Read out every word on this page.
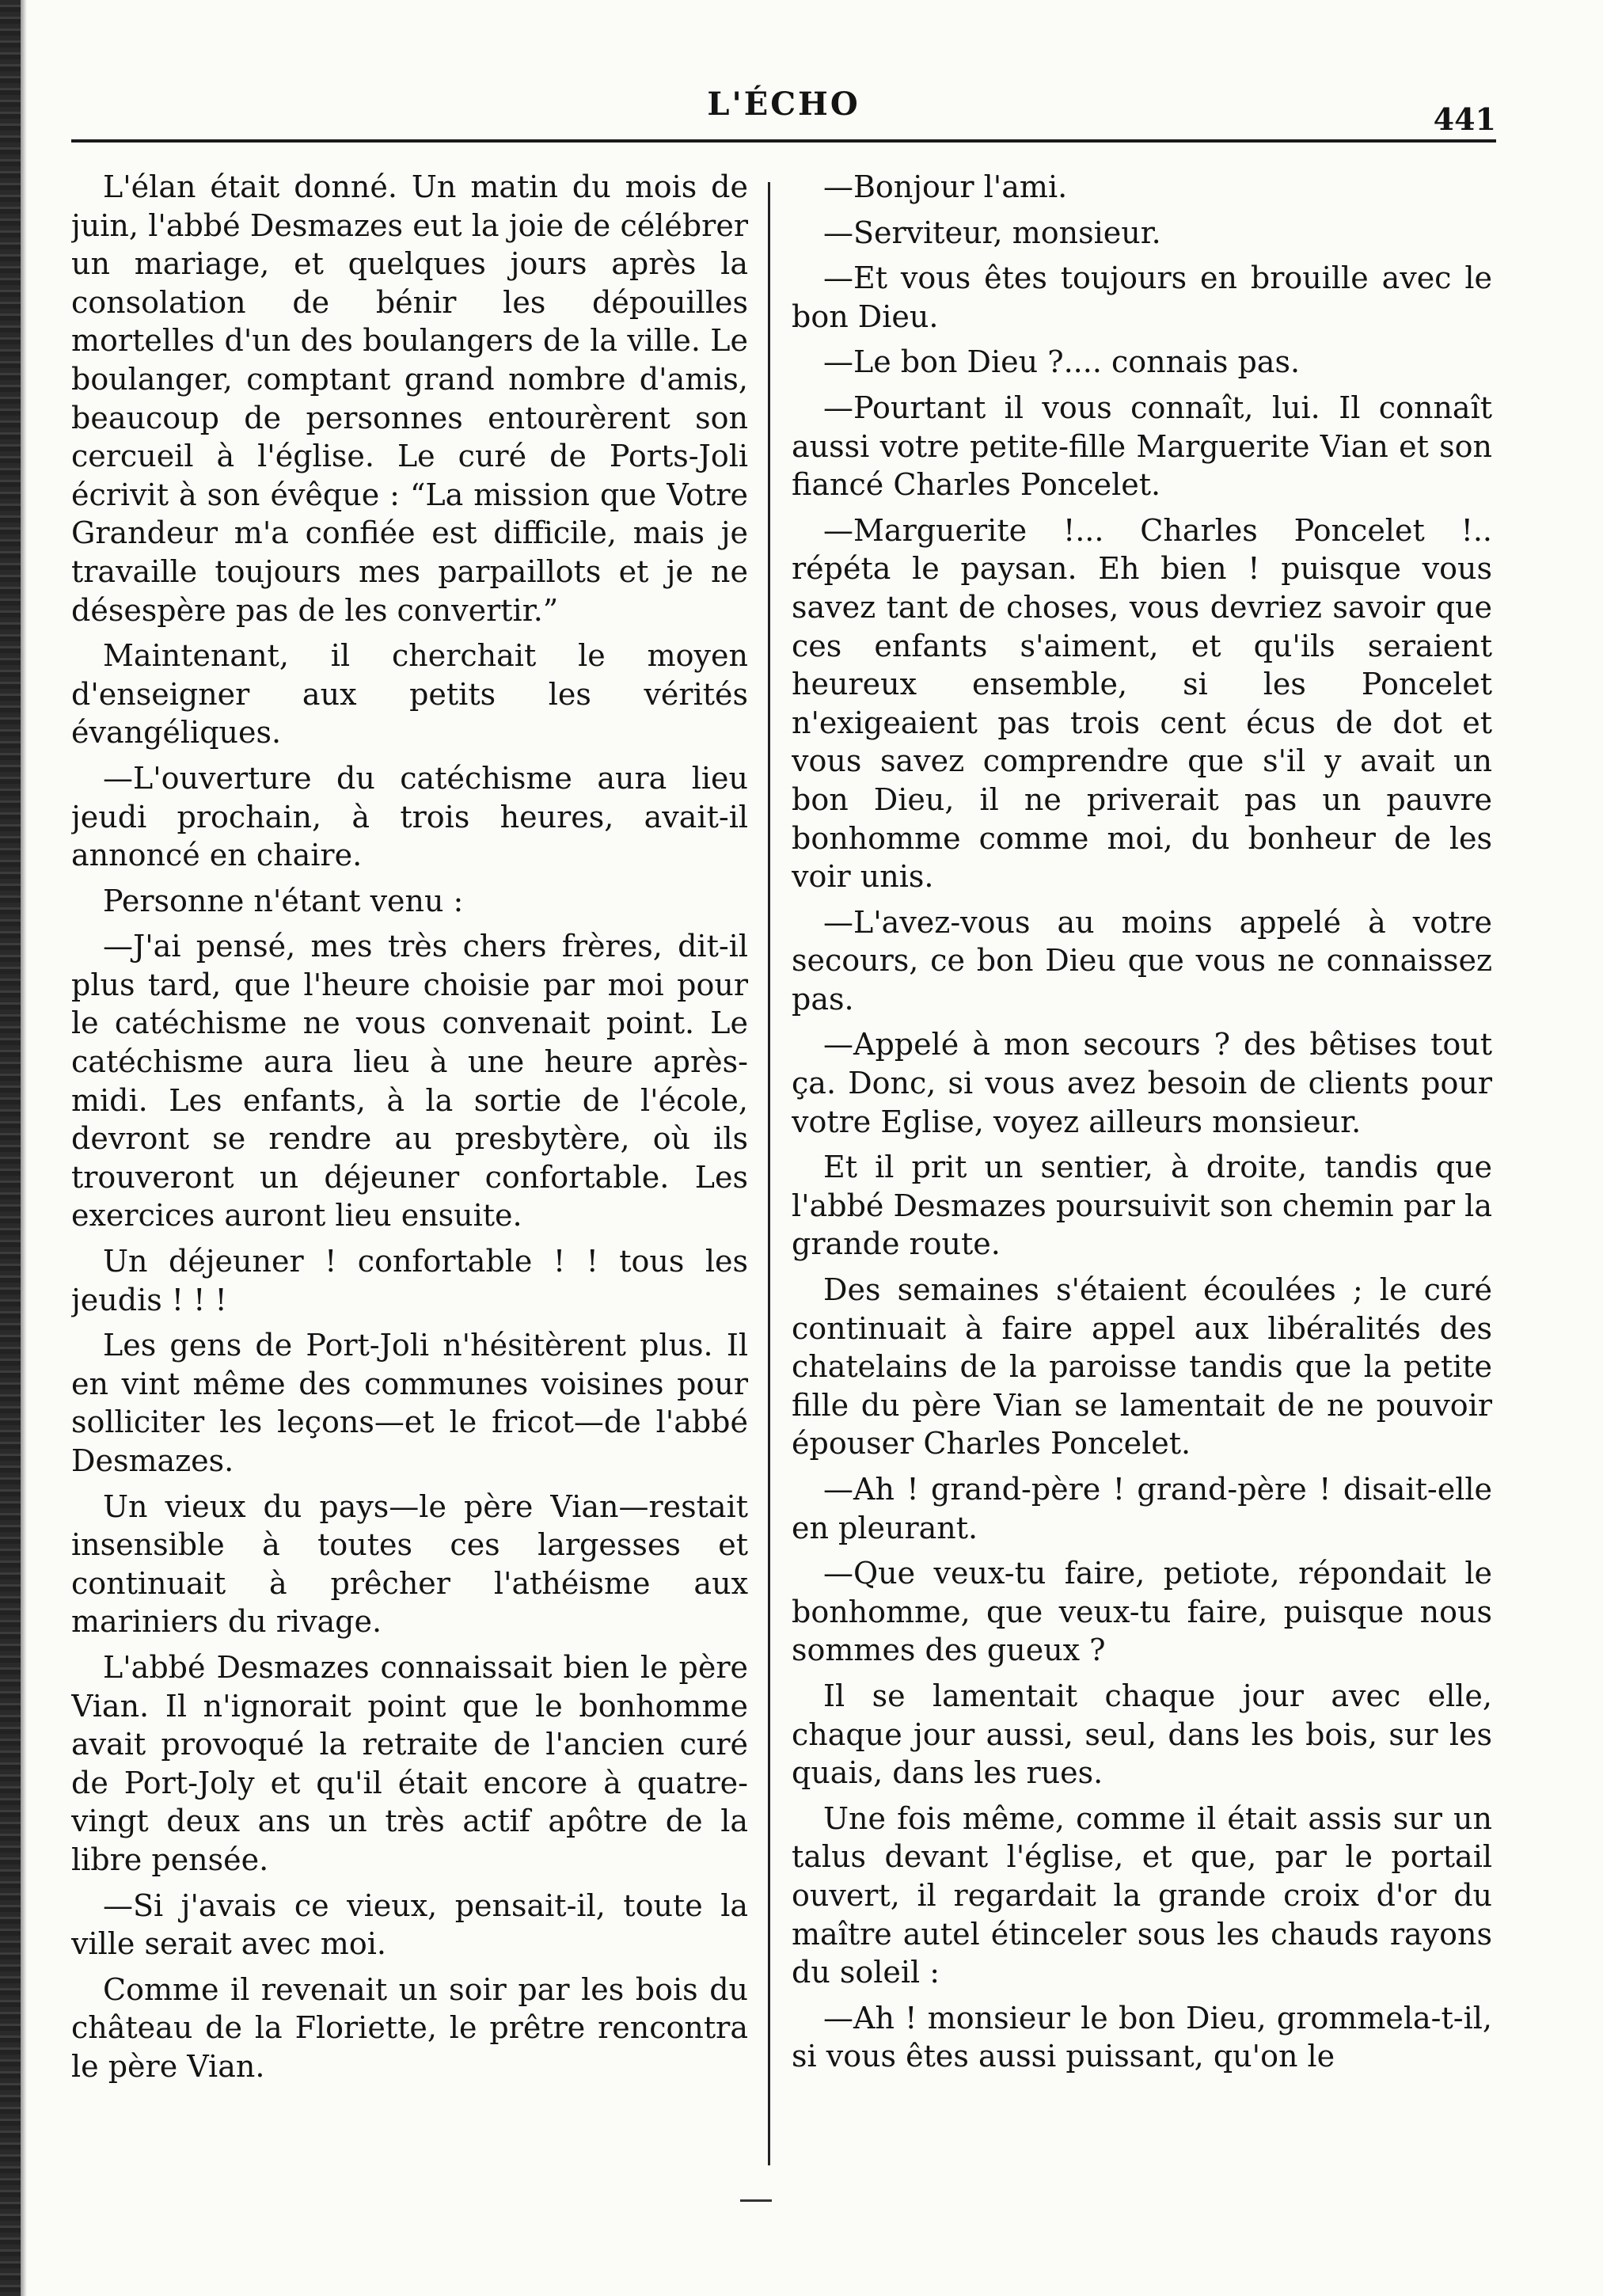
L'ÉCHO	441

L'élan était donné. Un matin du mois de juin, l'abbé Desmazes eut la joie de célébrer un mariage, et quelques jours après la consolation de bénir les dépouilles mortelles d'un des boulangers de la ville. Le boulanger, comptant grand nombre d'amis, beaucoup de personnes entourèrent son cercueil à l'église. Le curé de Ports-Joli écrivit à son évêque : “La mission que Votre Grandeur m'a confiée est difficile, mais je travaille toujours mes parpaillots et je ne désespère pas de les convertir.”

Maintenant, il cherchait le moyen d'enseigner aux petits les vérités évangéliques.

—L'ouverture du catéchisme aura lieu jeudi prochain, à trois heures, avait-il annoncé en chaire.

Personne n'étant venu :

—J'ai pensé, mes très chers frères, dit-il plus tard, que l'heure choisie par moi pour le catéchisme ne vous convenait point. Le catéchisme aura lieu à une heure après-midi. Les enfants, à la sortie de l'école, devront se rendre au presbytère, où ils trouveront un déjeuner confortable. Les exercices auront lieu ensuite.

Un déjeuner ! confortable ! ! tous les jeudis ! ! !

Les gens de Port-Joli n'hésitèrent plus. Il en vint même des communes voisines pour solliciter les leçons—et le fricot—de l'abbé Desmazes.

Un vieux du pays—le père Vian—restait insensible à toutes ces largesses et continuait à prêcher l'athéisme aux mariniers du rivage.

L'abbé Desmazes connaissait bien le père Vian. Il n'ignorait point que le bonhomme avait provoqué la retraite de l'ancien curé de Port-Joly et qu'il était encore à quatre-vingt deux ans un très actif apôtre de la libre pensée.

—Si j'avais ce vieux, pensait-il, toute la ville serait avec moi.

Comme il revenait un soir par les bois du château de la Floriette, le prêtre rencontra le père Vian.

—Bonjour l'ami.

—Serviteur, monsieur.

—Et vous êtes toujours en brouille avec le bon Dieu.

—Le bon Dieu ?.... connais pas.

—Pourtant il vous connaît, lui. Il connaît aussi votre petite-fille Marguerite Vian et son fiancé Charles Poncelet.

—Marguerite !... Charles Poncelet !.. répéta le paysan. Eh bien ! puisque vous savez tant de choses, vous devriez savoir que ces enfants s'aiment, et qu'ils seraient heureux ensemble, si les Poncelet n'exigeaient pas trois cent écus de dot et vous savez comprendre que s'il y avait un bon Dieu, il ne priverait pas un pauvre bonhomme comme moi, du bonheur de les voir unis.

—L'avez-vous au moins appelé à votre secours, ce bon Dieu que vous ne connaissez pas.

—Appelé à mon secours ? des bêtises tout ça. Donc, si vous avez besoin de clients pour votre Eglise, voyez ailleurs monsieur.

Et il prit un sentier, à droite, tandis que l'abbé Desmazes poursuivit son chemin par la grande route.

Des semaines s'étaient écoulées ; le curé continuait à faire appel aux libéralités des chatelains de la paroisse tandis que la petite fille du père Vian se lamentait de ne pouvoir épouser Charles Poncelet.

—Ah ! grand-père ! grand-père ! disait-elle en pleurant.

—Que veux-tu faire, petiote, répondait le bonhomme, que veux-tu faire, puisque nous sommes des gueux ?

Il se lamentait chaque jour avec elle, chaque jour aussi, seul, dans les bois, sur les quais, dans les rues.

Une fois même, comme il était assis sur un talus devant l'église, et que, par le portail ouvert, il regardait la grande croix d'or du maître autel étinceler sous les chauds rayons du soleil :

—Ah ! monsieur le bon Dieu, grommela-t-il, si vous êtes aussi puissant, qu'on le
